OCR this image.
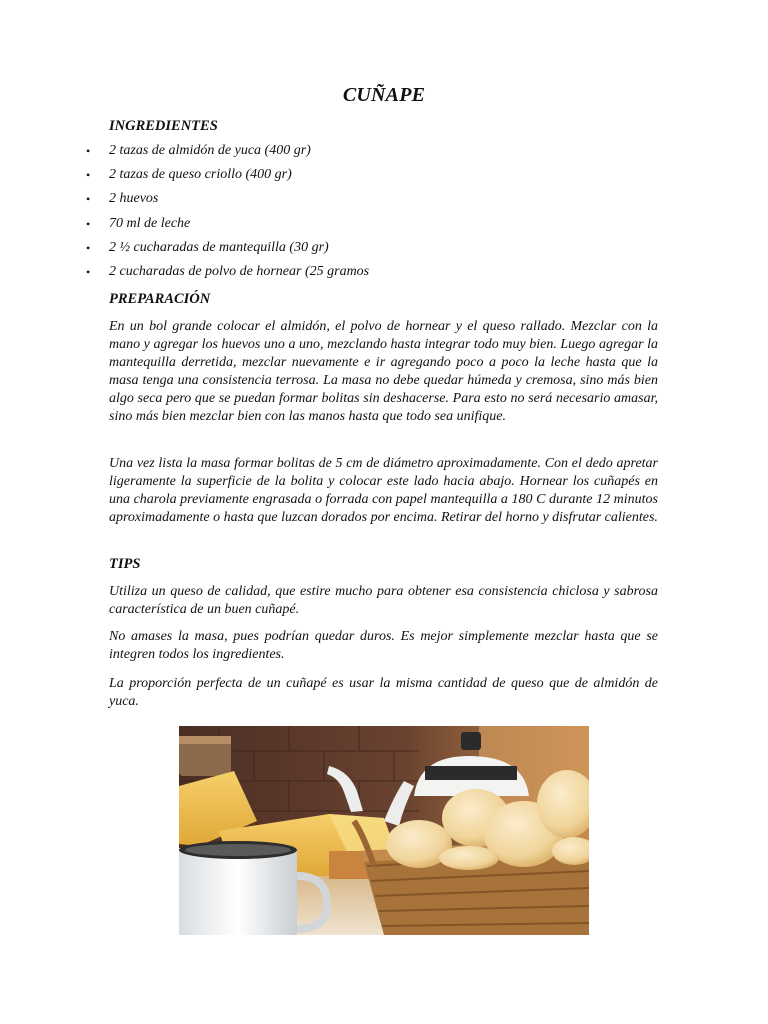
CUÑAPE
INGREDIENTES
• 2 tazas de almidón de yuca (400 gr)
• 2 tazas de queso criollo (400 gr)
• 2 huevos
• 70 ml de leche
• 2 ½ cucharadas de mantequilla (30 gr)
• 2 cucharadas de polvo de hornear (25 gramos
PREPARACIÓN

En un bol grande colocar el almidón, el polvo de hornear y el queso rallado. Mezclar con la mano y agregar los huevos uno a uno, mezclando hasta integrar todo muy bien. Luego agregar la mantequilla derretida, mezclar nuevamente e ir agregando poco a poco la leche hasta que la masa tenga una consistencia terrosa. La masa no debe quedar húmeda y cremosa, sino más bien algo seca pero que se puedan formar bolitas sin deshacerse. Para esto no será necesario amasar, sino más bien mezclar bien con las manos hasta que todo sea unifique.

Una vez lista la masa formar bolitas de 5 cm de diámetro aproximadamente. Con el dedo apretar ligeramente la superficie de la bolita y colocar este lado hacia abajo. Hornear los cuñapés en una charola previamente engrasada o forrada con papel mantequilla a 180 C durante 12 minutos aproximadamente o hasta que luzcan dorados por encima. Retirar del horno y disfrutar calientes.

TIPS

Utiliza un queso de calidad, que estire mucho para obtener esa consistencia chiclosa y sabrosa característica de un buen cuñapé.

No amases la masa, pues podrían quedar duros. Es mejor simplemente mezclar hasta que se integren todos los ingredientes.

La proporción perfecta de un cuñapé es usar la misma cantidad de queso que de almidón de yuca.
